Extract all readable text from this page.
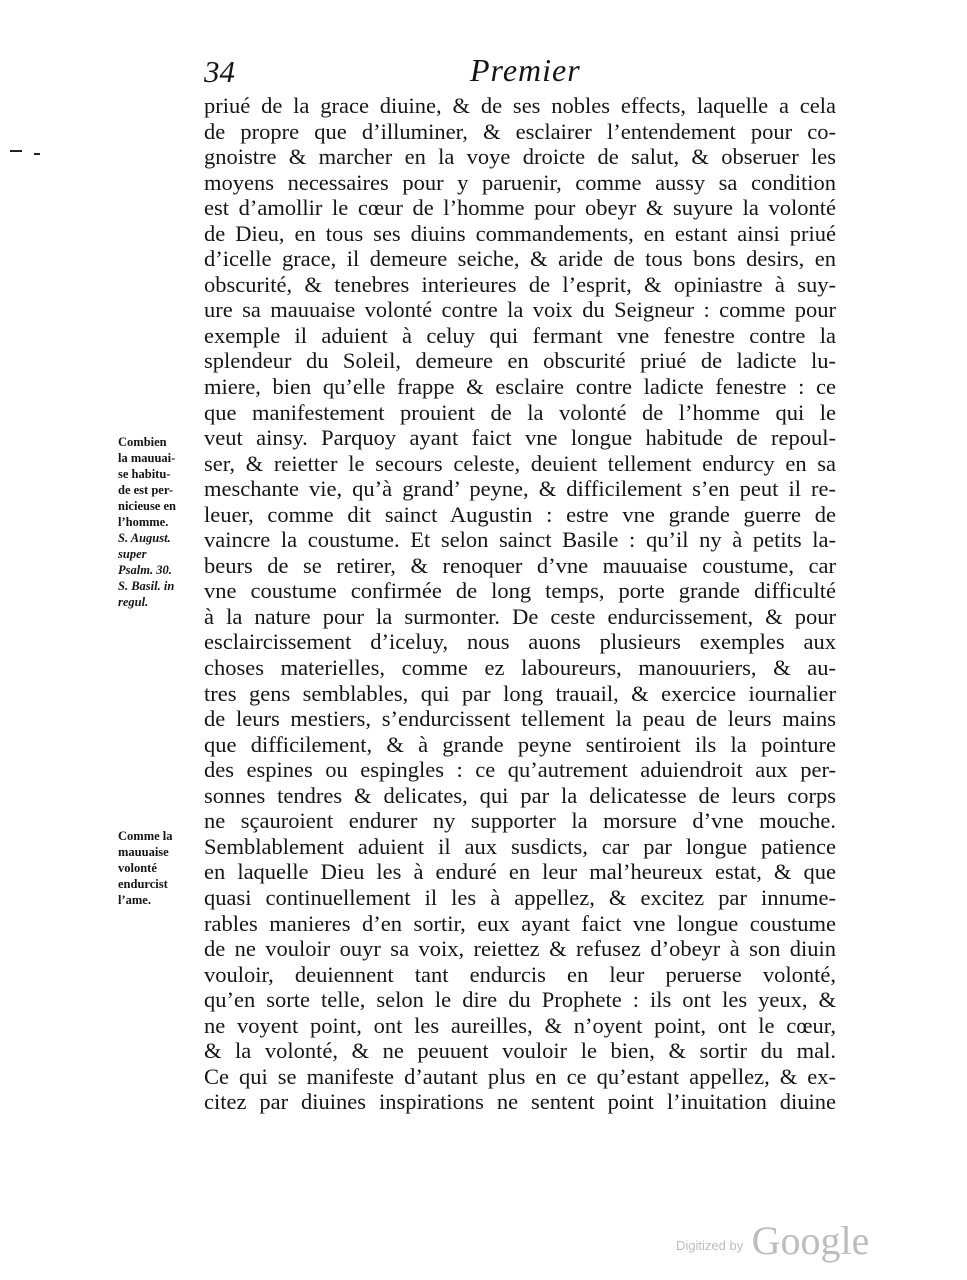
34	Premier
priué de la grace diuine, & de ses nobles effects, laquelle a cela
de propre que d’illuminer, & esclairer l’entendement pour co-
gnoistre & marcher en la voye droicte de salut, & obseruer les
moyens necessaires pour y paruenir, comme aussy sa condition
est d’amollir le cœur de l’homme pour obeyr & suyure la volonté
de Dieu, en tous ses diuins commandements, en estant ainsi priué
d’icelle grace, il demeure seiche, & aride de tous bons desirs, en
obscurité, & tenebres interieures de l’esprit, & opiniastre à suy-
ure sa mauuaise volonté contre la voix du Seigneur : comme pour
exemple il aduient à celuy qui fermant vne fenestre contre la
splendeur du Soleil, demeure en obscurité priué de ladicte lu-
miere, bien qu’elle frappe & esclaire contre ladicte fenestre : ce
que manifestement prouient de la volonté de l’homme qui le
veut ainsy. Parquoy ayant faict vne longue habitude de repoul-
ser, & reietter le secours celeste, deuient tellement endurcy en sa
meschante vie, qu’à grand’ peyne, & difficilement s’en peut il re-
leuer, comme dit sainct Augustin : estre vne grande guerre de
vaincre la coustume. Et selon sainct Basile : qu’il ny à petits la-
beurs de se retirer, & renoquer d’vne mauuaise coustume, car
vne coustume confirmée de long temps, porte grande difficulté
à la nature pour la surmonter. De ceste endurcissement, & pour
esclaircissement d’iceluy, nous auons plusieurs exemples aux
choses materielles, comme ez laboureurs, manouuriers, & au-
tres gens semblables, qui par long trauail, & exercice iournalier
de leurs mestiers, s’endurcissent tellement la peau de leurs mains
que difficilement, & à grande peyne sentiroient ils la pointure
des espines ou espingles : ce qu’autrement aduiendroit aux per-
sonnes tendres & delicates, qui par la delicatesse de leurs corps
ne sçauroient endurer ny supporter la morsure d’vne mouche.
Semblablement aduient il aux susdicts, car par longue patience
en laquelle Dieu les à enduré en leur mal’heureux estat, & que
quasi continuellement il les à appellez, & excitez par innume-
rables manieres d’en sortir, eux ayant faict vne longue coustume
de ne vouloir ouyr sa voix, reiettez & refusez d’obeyr à son diuin
vouloir, deuiennent tant endurcis en leur peruerse volonté,
qu’en sorte telle, selon le dire du Prophete : ils ont les yeux, &
ne voyent point, ont les aureilles, & n’oyent point, ont le cœur,
& la volonté, & ne peuuent vouloir le bien, & sortir du mal.
Ce qui se manifeste d’autant plus en ce qu’estant appellez, & ex-
citez par diuines inspirations ne sentent point l’inuitation diuine
Combien
la mauuai-
se habitu-
de est per-
nicieuse en
l’homme.
S. August.
super
Psalm. 30.
S. Basil. in
regul.
Comme la
mauuaise
volonté
endurcist
l’ame.
$^{Digitized by}$ Google
